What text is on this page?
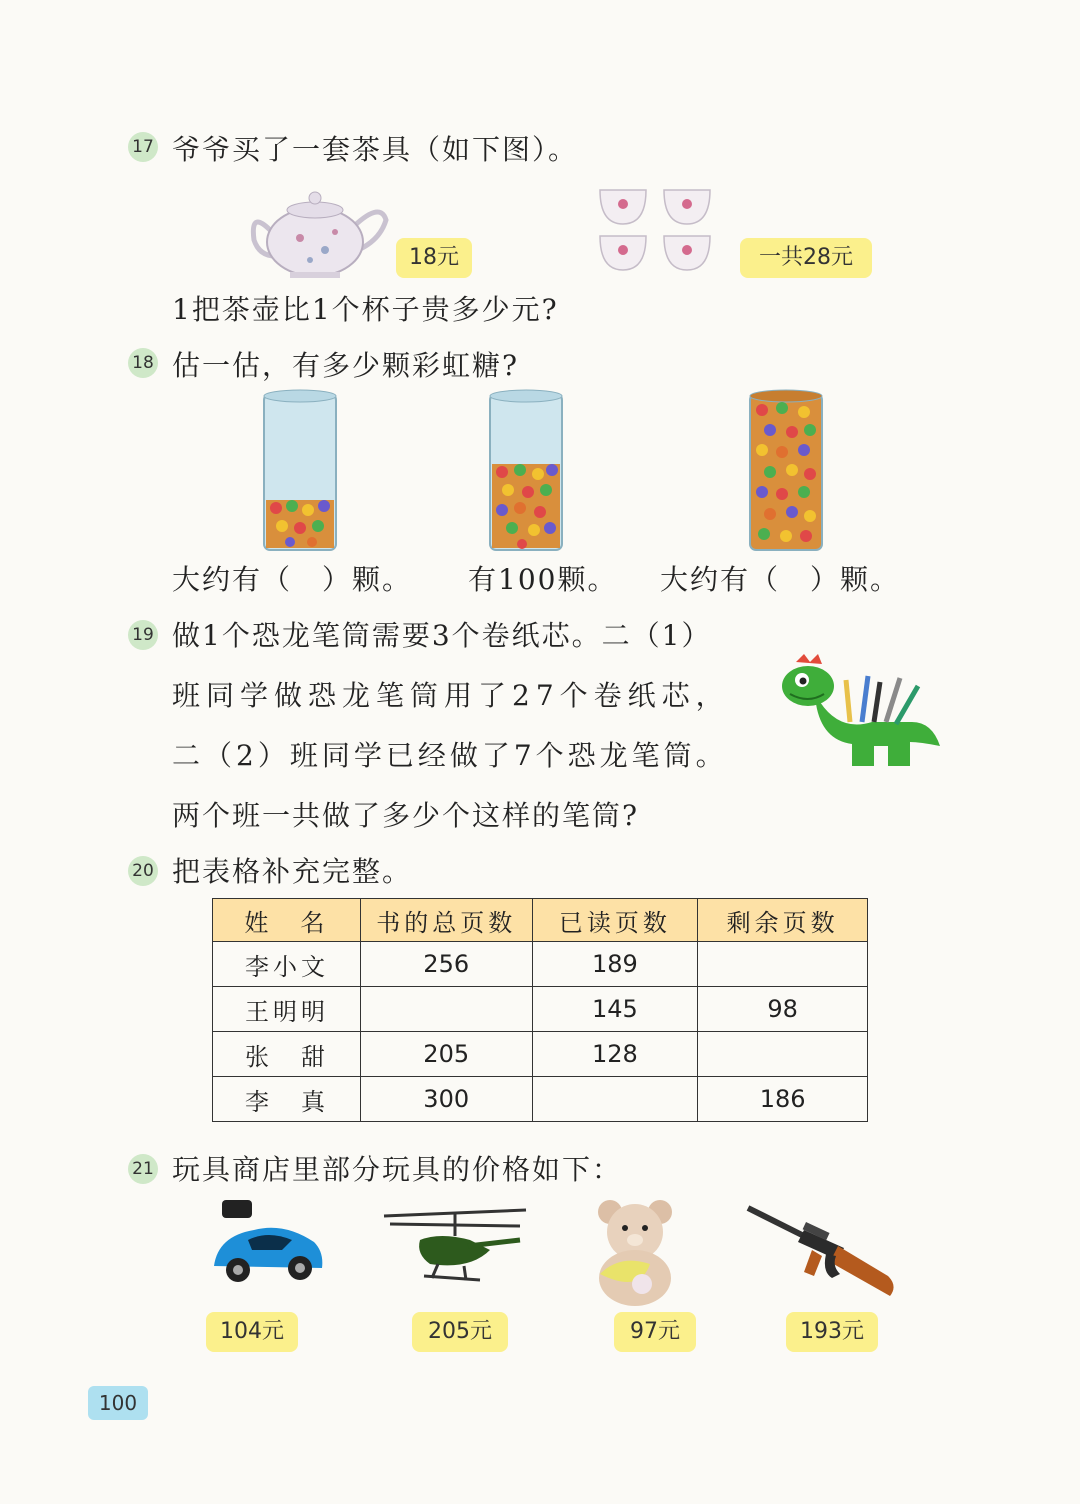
17 爷爷买了一套茶具（如下图）。
18元	一共28元
1把茶壶比1个杯子贵多少元?
18 估一估，有多少颗彩虹糖?
大约有（　）颗。 有100颗。 大约有（　）颗。
19 做1个恐龙笔筒需要3个卷纸芯。二（1）
班同学做恐龙笔筒用了27个卷纸芯，
二（2）班同学已经做了7个恐龙笔筒。
两个班一共做了多少个这样的笔筒?
20 把表格补充完整。
姓　名	书的总页数	已读页数	剩余页数
李小文	256	189	
王明明		145	98
张　甜	205	128	
李　真	300		186
21 玩具商店里部分玩具的价格如下：
104元	205元	97元	193元
100
